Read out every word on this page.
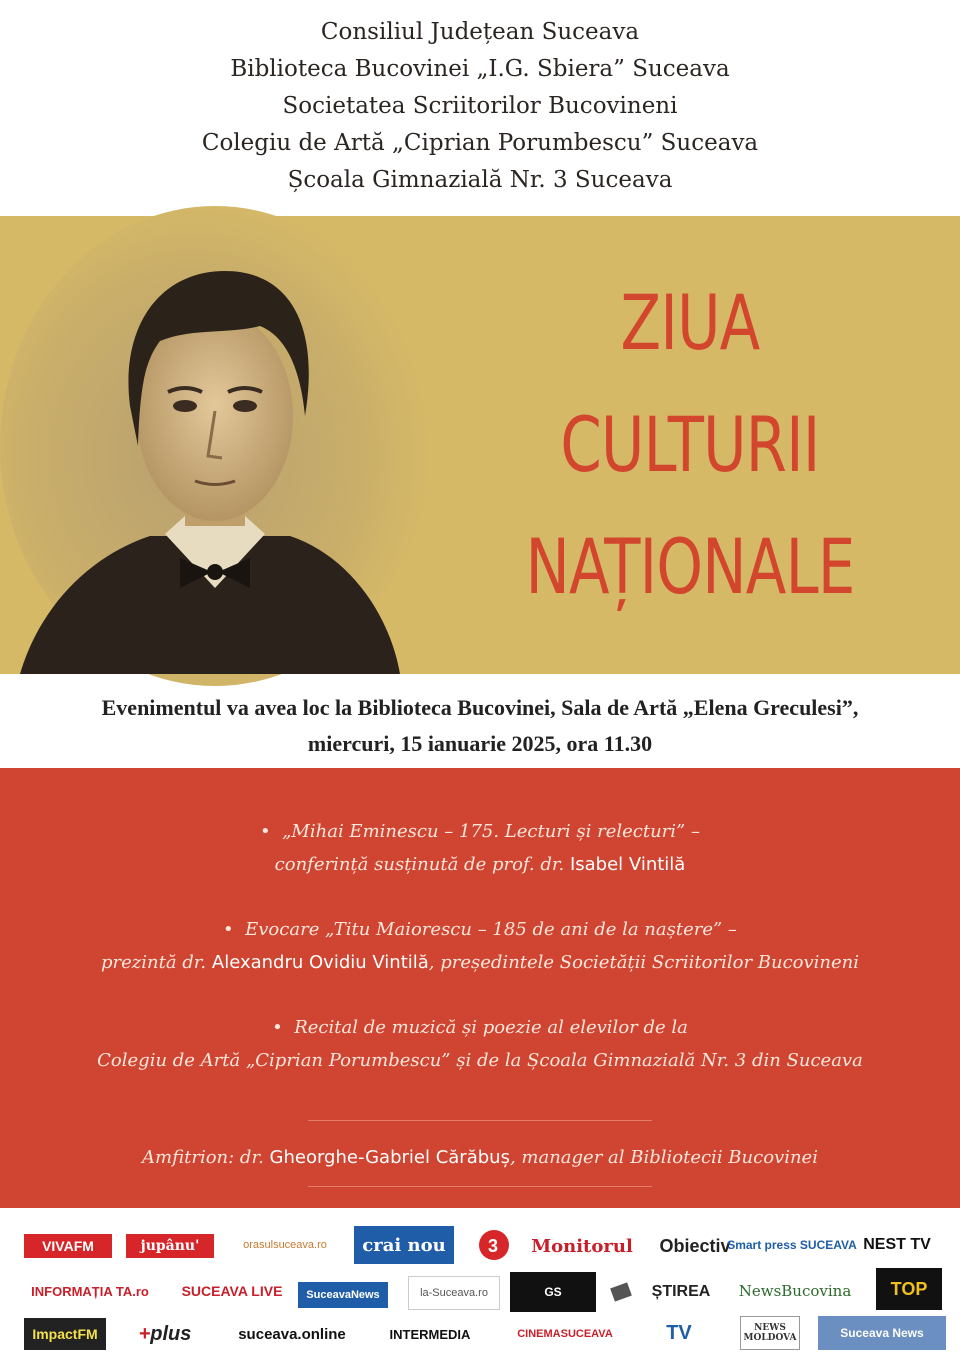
Consiliul Județean Suceava
Biblioteca Bucovinei „I.G. Sbiera” Suceava
Societatea Scriitorilor Bucovineni
Colegiu de Artă „Ciprian Porumbescu” Suceava
Școala Gimnazială Nr. 3 Suceava
ZIUA
CULTURII
NAȚIONALE
Evenimentul va avea loc la Biblioteca Bucovinei, Sala de Artă „Elena Greculesi”,
miercuri, 15 ianuarie 2025, ora 11.30
• „Mihai Eminescu – 175. Lecturi și relecturi” –
conferință susținută de prof. dr. Isabel Vintilă
• Evocare „Titu Maiorescu – 185 de ani de la naștere” –
prezintă dr. Alexandru Ovidiu Vintilă, președintele Societății Scriitorilor Bucovineni
• Recital de muzică și poezie al elevilor de la
Colegiu de Artă „Ciprian Porumbescu” și de la Școala Gimnazială Nr. 3 din Suceava
Amfitrion: dr. Gheorghe-Gabriel Cărăbuș, manager al Bibliotecii Bucovinei
VIVAFM	jupânu'	orasulsuceava.ro crai nou 3 Monitorul Obiectiv
Smart press SUCEAVA NEST TV
INFORMAȚIA TA.ro SUCEAVA LIVE SuceavaNews	la-Suceava.ro	GS	ȘTIREA NewsBucovina TOP
ImpactFM + plus	suceava.online	INTERMEDIA	CINEMASUCEAVA	TV	NEWS MOLDOVA	Suceava News
